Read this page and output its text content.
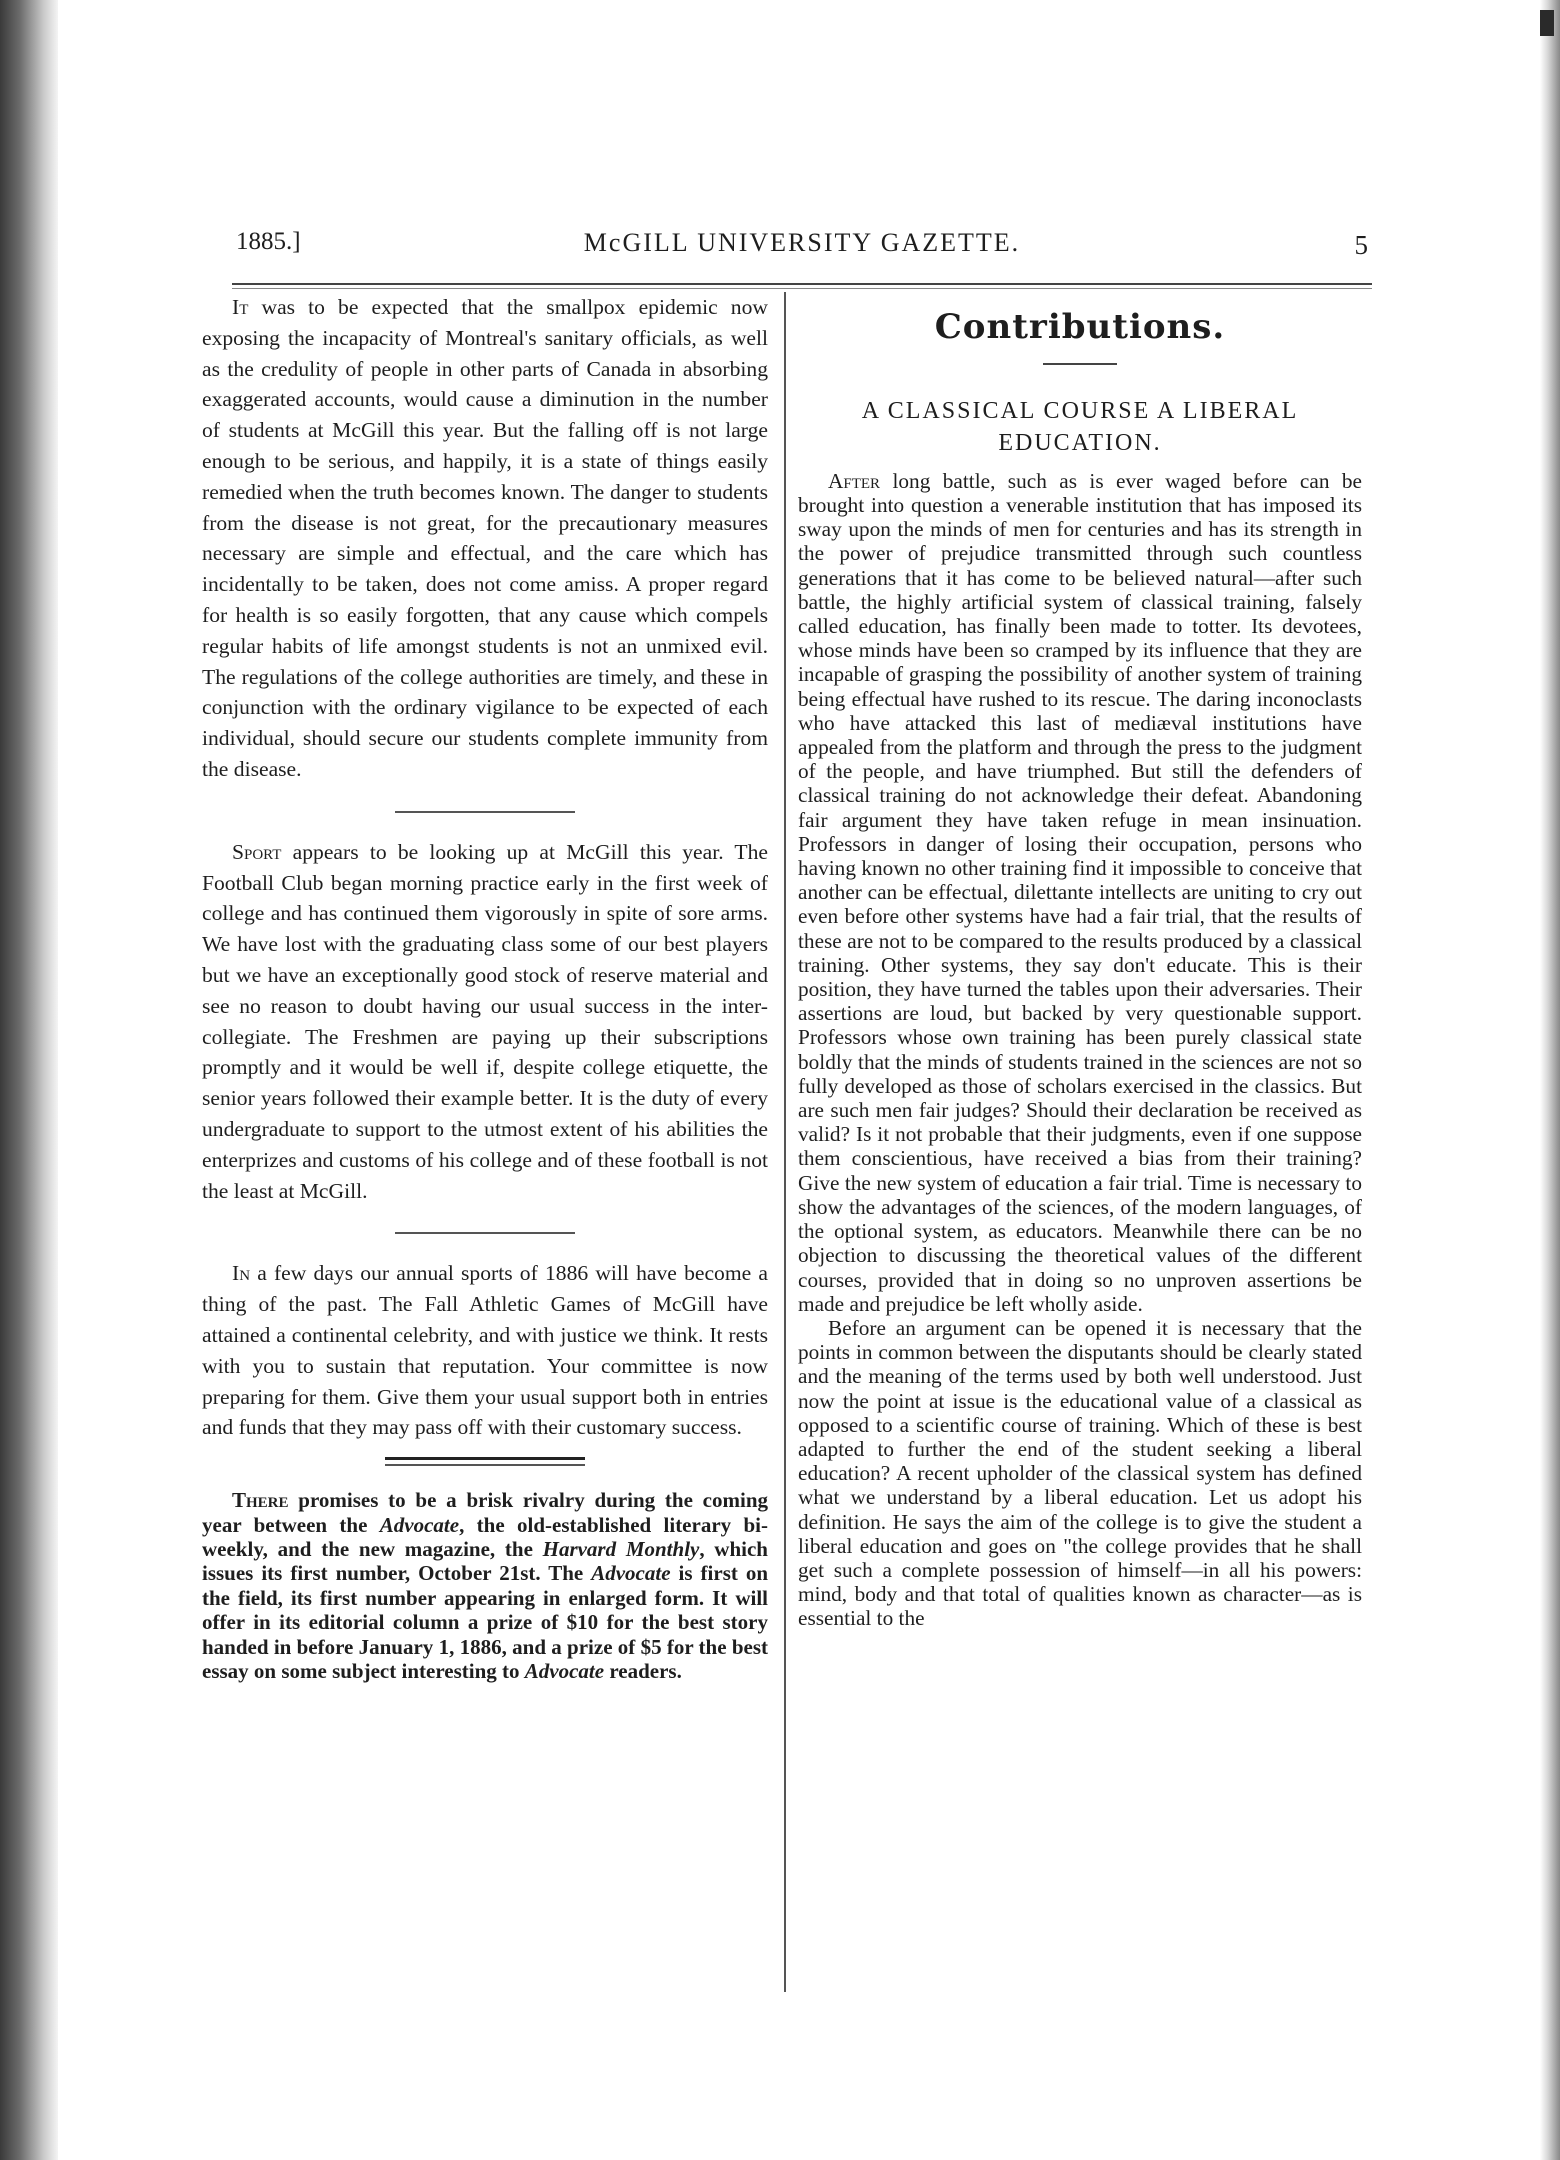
1885.]	McGILL UNIVERSITY GAZETTE.	5

It was to be expected that the smallpox epidemic now exposing the incapacity of Montreal's sanitary officials, as well as the credulity of people in other parts of Canada in absorbing exaggerated accounts, would cause a diminution in the number of students at McGill this year. But the falling off is not large enough to be serious, and happily, it is a state of things easily remedied when the truth becomes known. The danger to students from the disease is not great, for the precautionary measures necessary are simple and effectual, and the care which has incidentally to be taken, does not come amiss. A proper regard for health is so easily forgotten, that any cause which compels regular habits of life amongst students is not an unmixed evil. The regulations of the college authorities are timely, and these in conjunction with the ordinary vigilance to be expected of each individual, should secure our students complete immunity from the disease.

Sport appears to be looking up at McGill this year. The Football Club began morning practice early in the first week of college and has continued them vigorously in spite of sore arms. We have lost with the graduating class some of our best players but we have an exceptionally good stock of reserve material and see no reason to doubt having our usual success in the inter-collegiate. The Freshmen are paying up their subscriptions promptly and it would be well if, despite college etiquette, the senior years followed their example better. It is the duty of every undergraduate to support to the utmost extent of his abilities the enterprizes and customs of his college and of these football is not the least at McGill.

In a few days our annual sports of 1886 will have become a thing of the past. The Fall Athletic Games of McGill have attained a continental celebrity, and with justice we think. It rests with you to sustain that reputation. Your committee is now preparing for them. Give them your usual support both in entries and funds that they may pass off with their customary success.

There promises to be a brisk rivalry during the coming year between the Advocate, the old-established literary bi-weekly, and the new magazine, the Harvard Monthly, which issues its first number, October 21st. The Advocate is first on the field, its first number appearing in enlarged form. It will offer in its editorial column a prize of $10 for the best story handed in before January 1, 1886, and a prize of $5 for the best essay on some subject interesting to Advocate readers.

Contributions.
A CLASSICAL COURSE A LIBERAL EDUCATION.

After long battle, such as is ever waged before can be brought into question a venerable institution that has imposed its sway upon the minds of men for centuries and has its strength in the power of prejudice transmitted through such countless generations that it has come to be believed natural—after such battle, the highly artificial system of classical training, falsely called education, has finally been made to totter. Its devotees, whose minds have been so cramped by its influence that they are incapable of grasping the possibility of another system of training being effectual have rushed to its rescue. The daring inconoclasts who have attacked this last of mediæval institutions have appealed from the platform and through the press to the judgment of the people, and have triumphed. But still the defenders of classical training do not acknowledge their defeat. Abandoning fair argument they have taken refuge in mean insinuation. Professors in danger of losing their occupation, persons who having known no other training find it impossible to conceive that another can be effectual, dilettante intellects are uniting to cry out even before other systems have had a fair trial, that the results of these are not to be compared to the results produced by a classical training. Other systems, they say don't educate. This is their position, they have turned the tables upon their adversaries. Their assertions are loud, but backed by very questionable support. Professors whose own training has been purely classical state boldly that the minds of students trained in the sciences are not so fully developed as those of scholars exercised in the classics. But are such men fair judges? Should their declaration be received as valid? Is it not probable that their judgments, even if one suppose them conscientious, have received a bias from their training? Give the new system of education a fair trial. Time is necessary to show the advantages of the sciences, of the modern languages, of the optional system, as educators. Meanwhile there can be no objection to discussing the theoretical values of the different courses, provided that in doing so no unproven assertions be made and prejudice be left wholly aside.

Before an argument can be opened it is necessary that the points in common between the disputants should be clearly stated and the meaning of the terms used by both well understood. Just now the point at issue is the educational value of a classical as opposed to a scientific course of training. Which of these is best adapted to further the end of the student seeking a liberal education? A recent upholder of the classical system has defined what we understand by a liberal education. Let us adopt his definition. He says the aim of the college is to give the student a liberal education and goes on "the college provides that he shall get such a complete possession of himself—in all his powers: mind, body and that total of qualities known as character—as is essential to the
